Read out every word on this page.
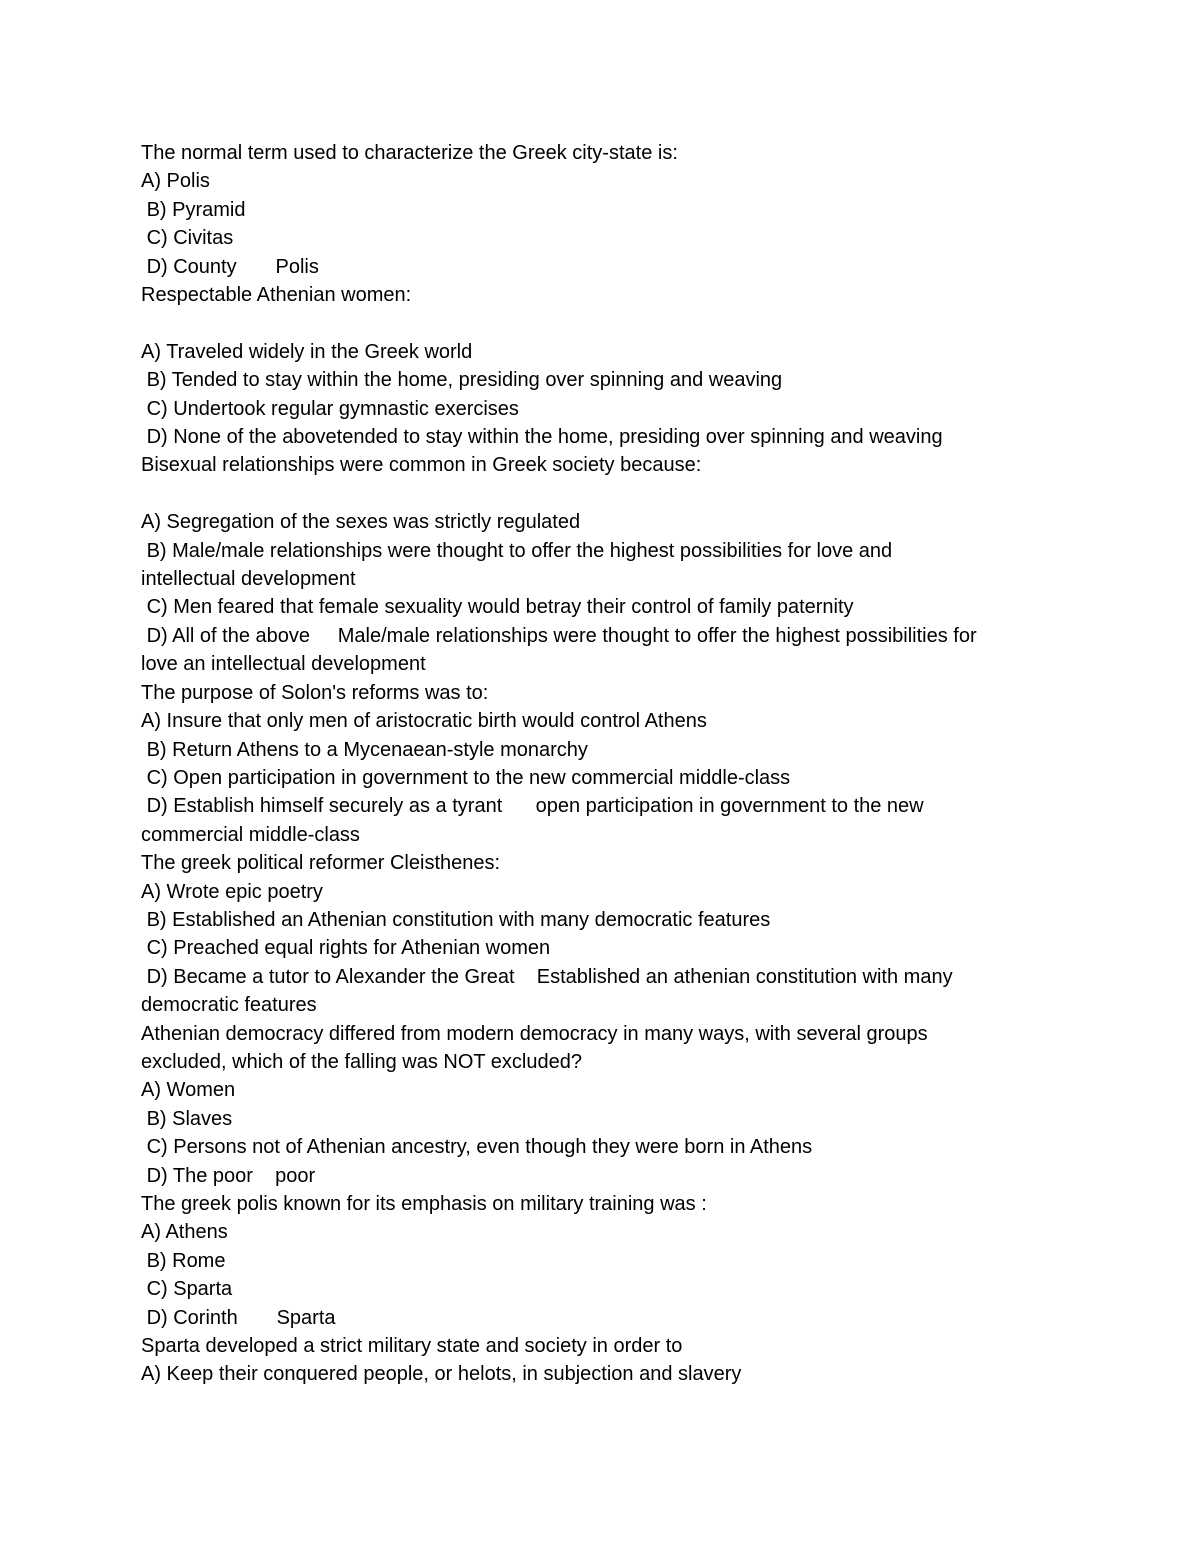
The normal term used to characterize the Greek city-state is:
A) Polis
B) Pyramid
C) Civitas
D) County       Polis
Respectable Athenian women:
A) Traveled widely in the Greek world
B) Tended to stay within the home, presiding over spinning and weaving
C) Undertook regular gymnastic exercises
D) None of the abovetended to stay within the home, presiding over spinning and weaving
Bisexual relationships were common in Greek society because:
A) Segregation of the sexes was strictly regulated
B) Male/male relationships were thought to offer the highest possibilities for love and
intellectual development
C) Men feared that female sexuality would betray their control of family paternity
D) All of the above     Male/male relationships were thought to offer the highest possibilities for
love an intellectual development
The purpose of Solon's reforms was to:
A) Insure that only men of aristocratic birth would control Athens
B) Return Athens to a Mycenaean-style monarchy
C) Open participation in government to the new commercial middle-class
D) Establish himself securely as a tyrant      open participation in government to the new
commercial middle-class
The greek political reformer Cleisthenes:
A) Wrote epic poetry
B) Established an Athenian constitution with many democratic features
C) Preached equal rights for Athenian women
D) Became a tutor to Alexander the Great    Established an athenian constitution with many
democratic features
Athenian democracy differed from modern democracy in many ways, with several groups
excluded, which of the falling was NOT excluded?
A) Women
B) Slaves
C) Persons not of Athenian ancestry, even though they were born in Athens
D) The poor    poor
The greek polis known for its emphasis on military training was :
A) Athens
B) Rome
C) Sparta
D) Corinth       Sparta
Sparta developed a strict military state and society in order to
A) Keep their conquered people, or helots, in subjection and slavery
